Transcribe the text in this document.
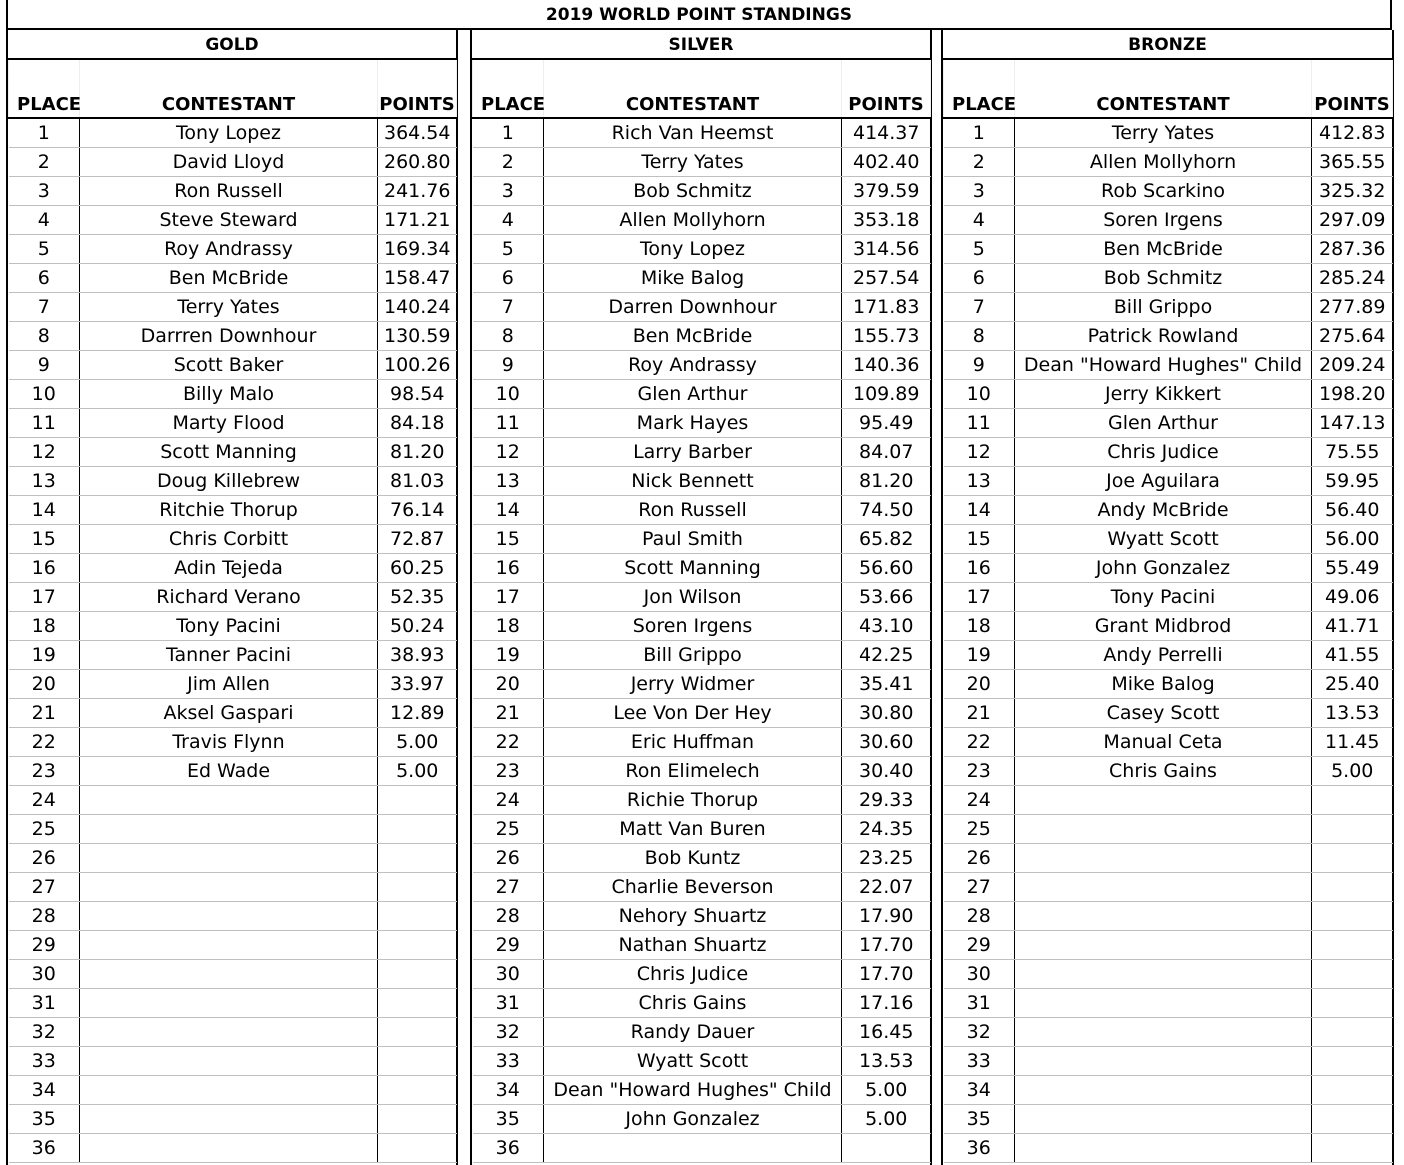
2019 WORLD POINT STANDINGS
GOLD
PLACE	CONTESTANT	POINTS
1	Tony Lopez	364.54
2	David Lloyd	260.80
3	Ron Russell	241.76
4	Steve Steward	171.21
5	Roy Andrassy	169.34
6	Ben McBride	158.47
7	Terry Yates	140.24
8	Darrren Downhour	130.59
9	Scott Baker	100.26
10	Billy Malo	98.54
11	Marty Flood	84.18
12	Scott Manning	81.20
13	Doug Killebrew	81.03
14	Ritchie Thorup	76.14
15	Chris Corbitt	72.87
16	Adin Tejeda	60.25
17	Richard Verano	52.35
18	Tony Pacini	50.24
19	Tanner Pacini	38.93
20	Jim Allen	33.97
21	Aksel Gaspari	12.89
22	Travis Flynn	5.00
23	Ed Wade	5.00
24		
25		
26		
27		
28		
29		
30		
31		
32		
33		
34		
35		
36		
SILVER
PLACE	CONTESTANT	POINTS
1	Rich Van Heemst	414.37
2	Terry Yates	402.40
3	Bob Schmitz	379.59
4	Allen Mollyhorn	353.18
5	Tony Lopez	314.56
6	Mike Balog	257.54
7	Darren Downhour	171.83
8	Ben McBride	155.73
9	Roy Andrassy	140.36
10	Glen Arthur	109.89
11	Mark Hayes	95.49
12	Larry Barber	84.07
13	Nick Bennett	81.20
14	Ron Russell	74.50
15	Paul Smith	65.82
16	Scott Manning	56.60
17	Jon Wilson	53.66
18	Soren Irgens	43.10
19	Bill Grippo	42.25
20	Jerry Widmer	35.41
21	Lee Von Der Hey	30.80
22	Eric Huffman	30.60
23	Ron Elimelech	30.40
24	Richie Thorup	29.33
25	Matt Van Buren	24.35
26	Bob Kuntz	23.25
27	Charlie Beverson	22.07
28	Nehory Shuartz	17.90
29	Nathan Shuartz	17.70
30	Chris Judice	17.70
31	Chris Gains	17.16
32	Randy Dauer	16.45
33	Wyatt Scott	13.53
34	Dean "Howard Hughes" Child	5.00
35	John Gonzalez	5.00
36		
BRONZE
PLACE	CONTESTANT	POINTS
1	Terry Yates	412.83
2	Allen Mollyhorn	365.55
3	Rob Scarkino	325.32
4	Soren Irgens	297.09
5	Ben McBride	287.36
6	Bob Schmitz	285.24
7	Bill Grippo	277.89
8	Patrick Rowland	275.64
9	Dean "Howard Hughes" Child	209.24
10	Jerry Kikkert	198.20
11	Glen Arthur	147.13
12	Chris Judice	75.55
13	Joe Aguilara	59.95
14	Andy McBride	56.40
15	Wyatt Scott	56.00
16	John Gonzalez	55.49
17	Tony Pacini	49.06
18	Grant Midbrod	41.71
19	Andy Perrelli	41.55
20	Mike Balog	25.40
21	Casey Scott	13.53
22	Manual Ceta	11.45
23	Chris Gains	5.00
24		
25		
26		
27		
28		
29		
30		
31		
32		
33		
34		
35		
36		
